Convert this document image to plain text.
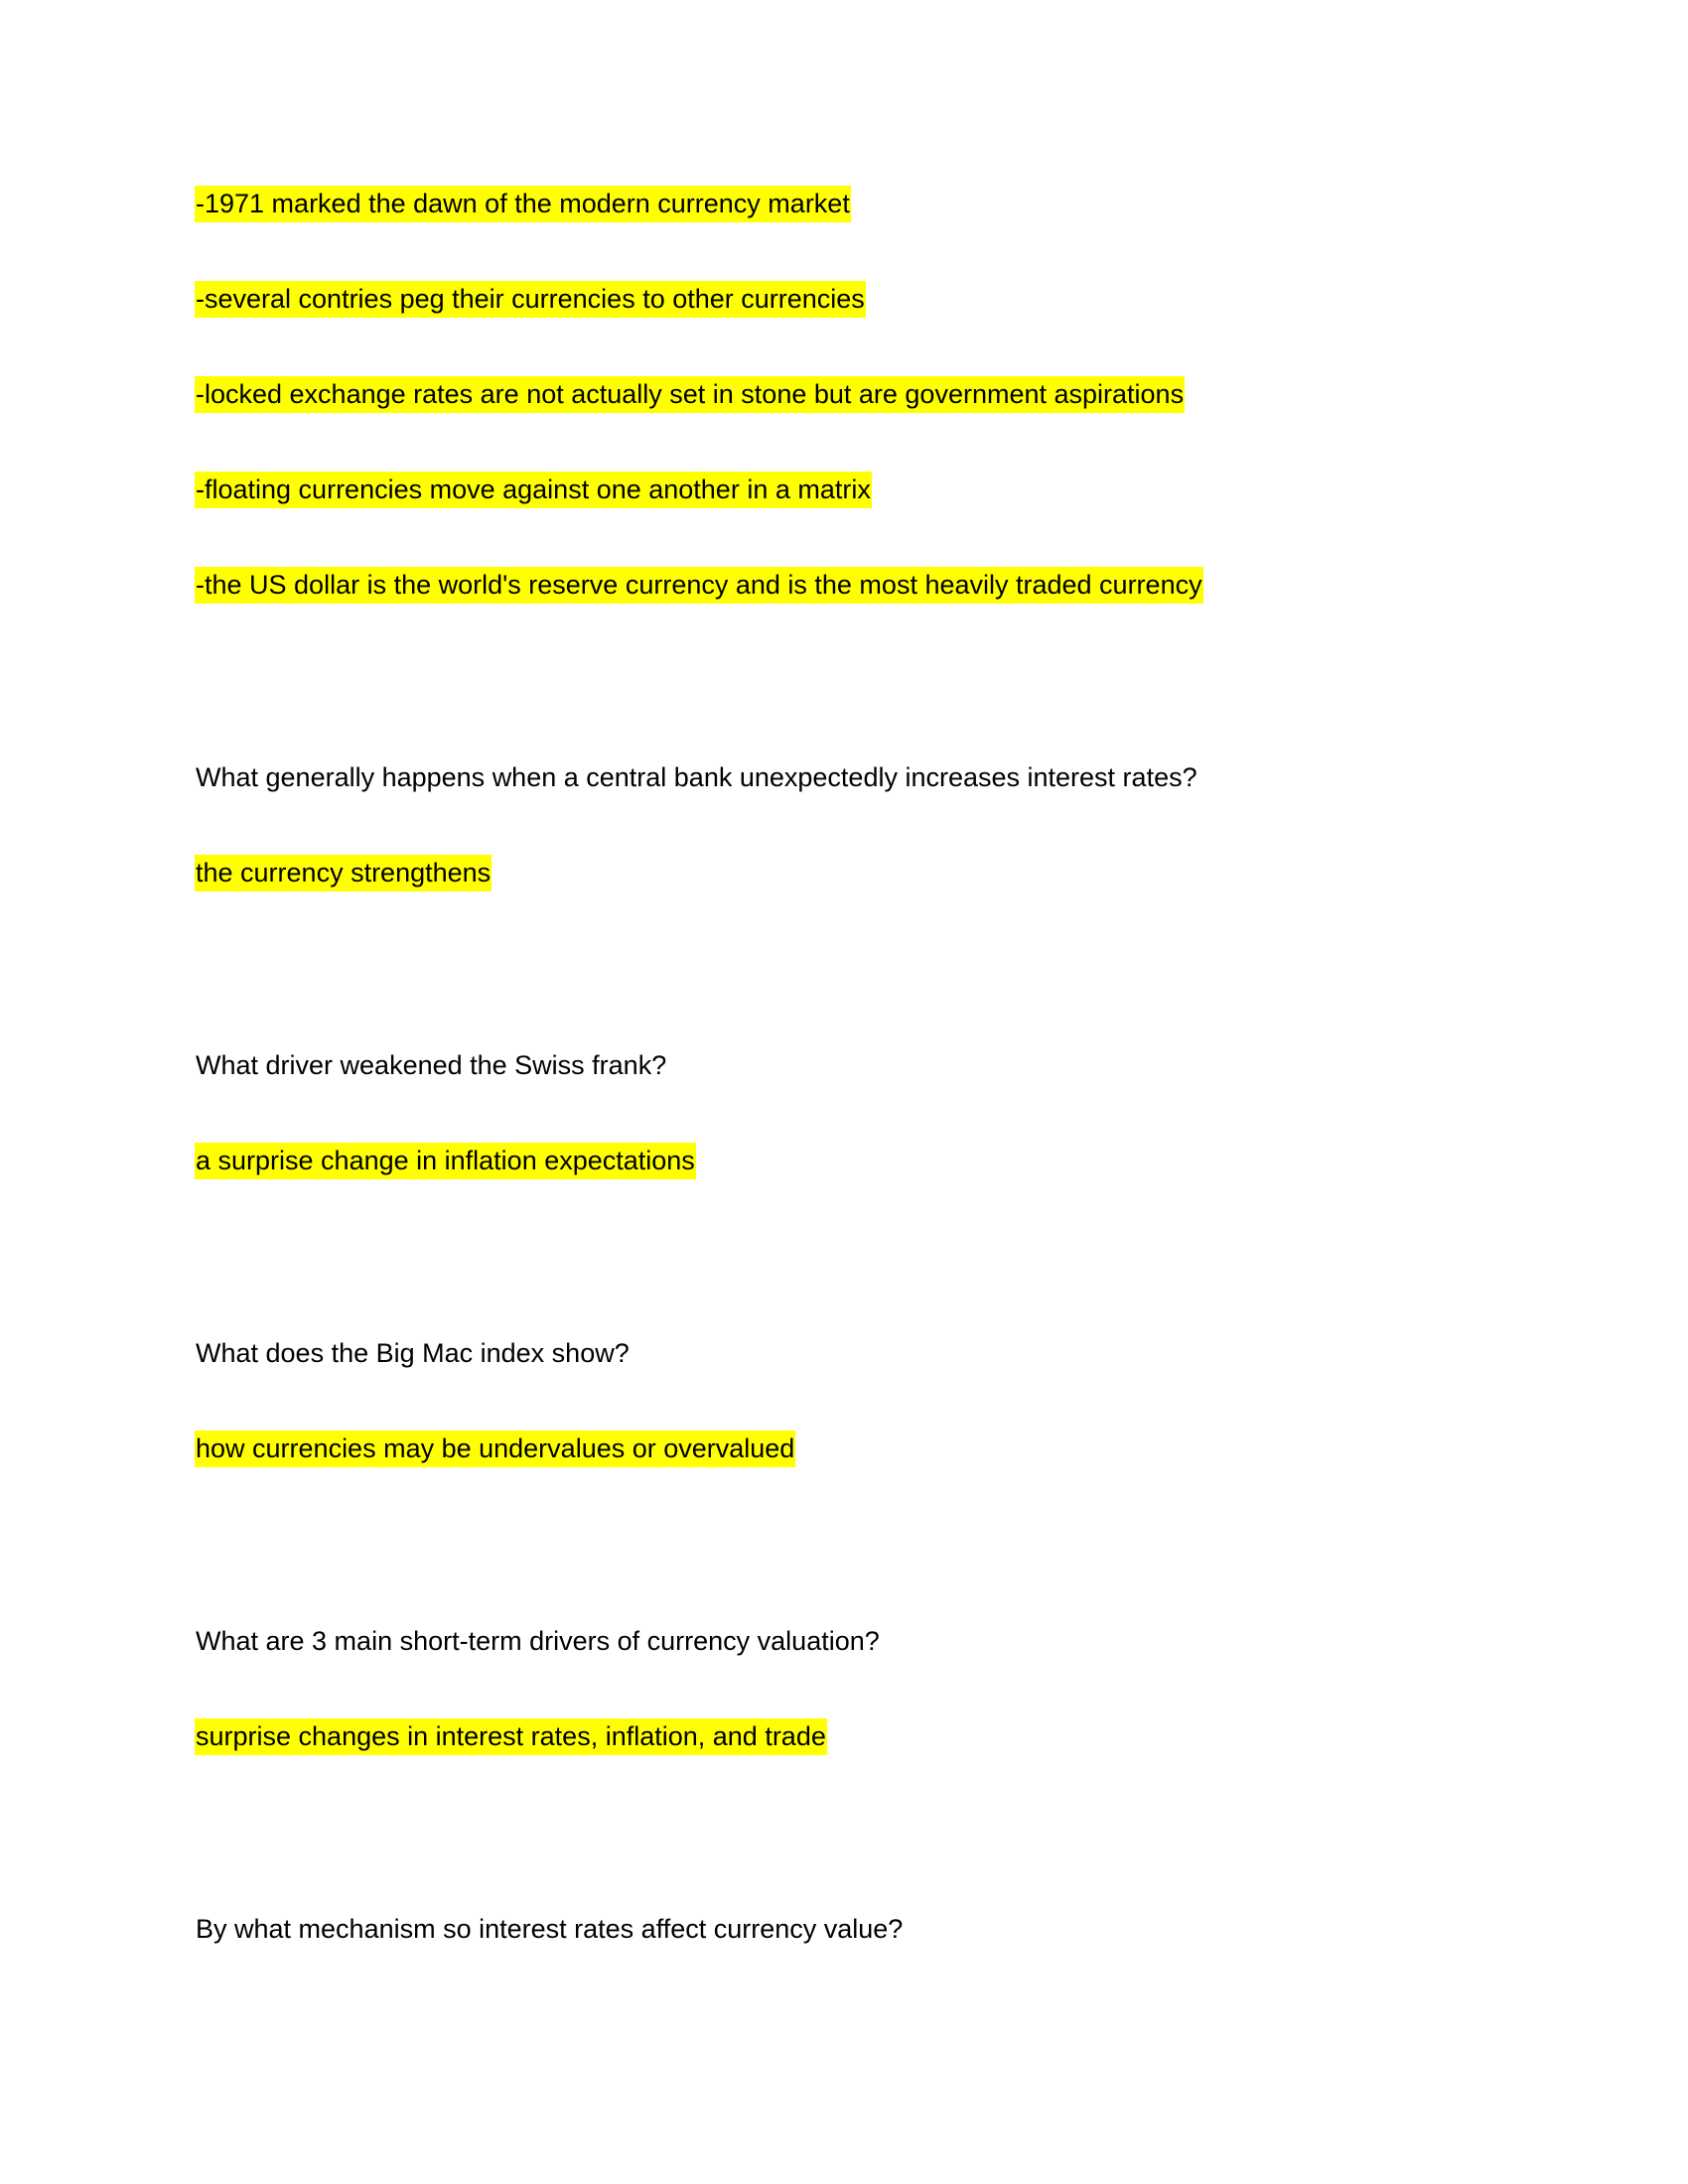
-1971 marked the dawn of the modern currency market

-several contries peg their currencies to other currencies

-locked exchange rates are not actually set in stone but are government aspirations

-floating currencies move against one another in a matrix

-the US dollar is the world's reserve currency and is the most heavily traded currency

What generally happens when a central bank unexpectedly increases interest rates?

the currency strengthens

What driver weakened the Swiss frank?

a surprise change in inflation expectations

What does the Big Mac index show?

how currencies may be undervalues or overvalued

What are 3 main short-term drivers of currency valuation?

surprise changes in interest rates, inflation, and trade

By what mechanism so interest rates affect currency value?
